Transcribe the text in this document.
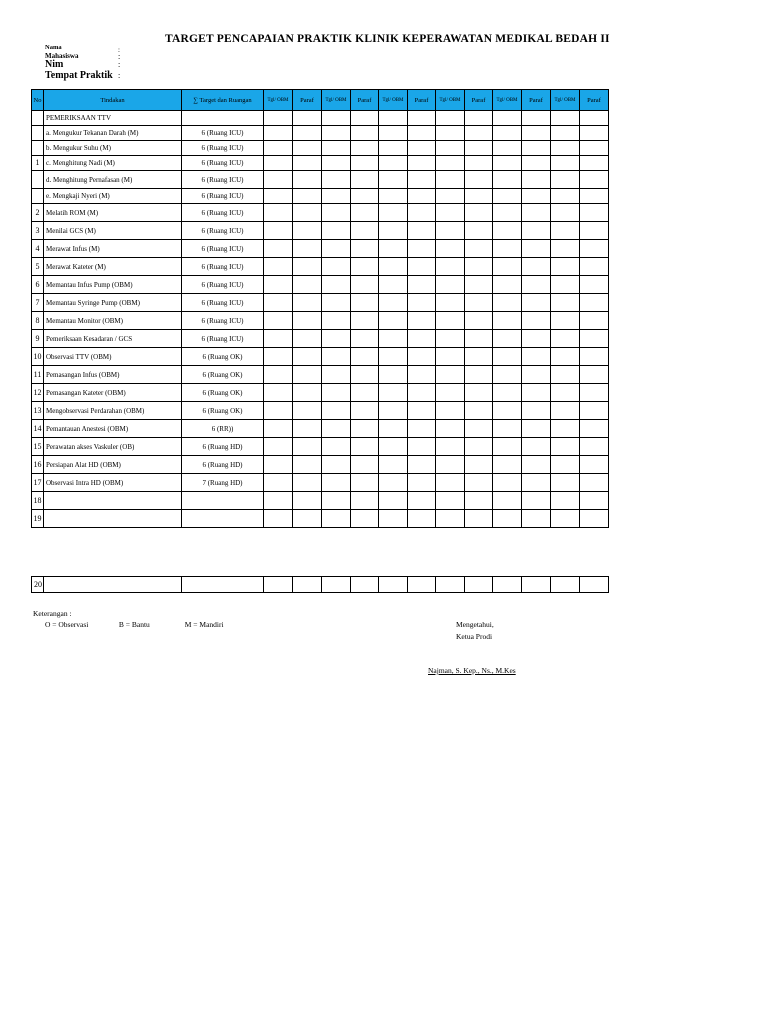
TARGET PENCAPAIAN PRAKTIK KLINIK KEPERAWATAN MEDIKAL BEDAH II
Nama
Mahasiswa	:
:
Nim	:
Tempat Praktik :
No	Tindakan	∑ Target dan Ruangan	Tgl/ OBM	Paraf	Tgl/ OBM	Paraf	Tgl/ OBM	Paraf	Tgl/ OBM	Paraf	Tgl/ OBM	Paraf	Tgl/ OBM	Paraf
	PEMERIKSAAN TTV													
	a. Mengukur Tekanan Darah (M)	6 (Ruang ICU)												
	b. Mengukur Suhu (M)	6 (Ruang ICU)												
1	c. Menghitung Nadi (M)	6 (Ruang ICU)												
	d. Menghitung Pernafasan (M)	6 (Ruang ICU)												
	e. Mengkaji Nyeri (M)	6 (Ruang ICU)												
2	Melatih ROM (M)	6 (Ruang ICU)												
3	Menilai GCS (M)	6 (Ruang ICU)												
4	Merawat Infus (M)	6 (Ruang ICU)												
5	Merawat Kateter (M)	6 (Ruang ICU)												
6	Memantau Infus Pump (OBM)	6 (Ruang ICU)												
7	Memantau Syringe Pump (OBM)	6 (Ruang ICU)												
8	Memantau Monitor (OBM)	6 (Ruang ICU)												
9	Pemeriksaan Kesadaran / GCS	6 (Ruang ICU)												
10	Observasi TTV (OBM)	6 (Ruang OK)												
11	Pemasangan Infus (OBM)	6 (Ruang OK)												
12	Pemasangan Kateter (OBM)	6 (Ruang OK)												
13	Mengobservasi Perdarahan (OBM)	6 (Ruang OK)												
14	Pemantauan Anestesi (OBM)	6 (RR))												
15	Perawatan akses Vaskuler (OB)	6 (Ruang HD)												
16	Persiapan Alat HD (OBM)	6 (Ruang HD)												
17	Observasi Intra HD (OBM)	7 (Ruang HD)												
18														
19														
20														
Keterangan :
O = Observasi	B = Bantu	M = Mandiri	Mengetahui,
Ketua Prodi
Najman, S. Kep., Ns., M.Kes
